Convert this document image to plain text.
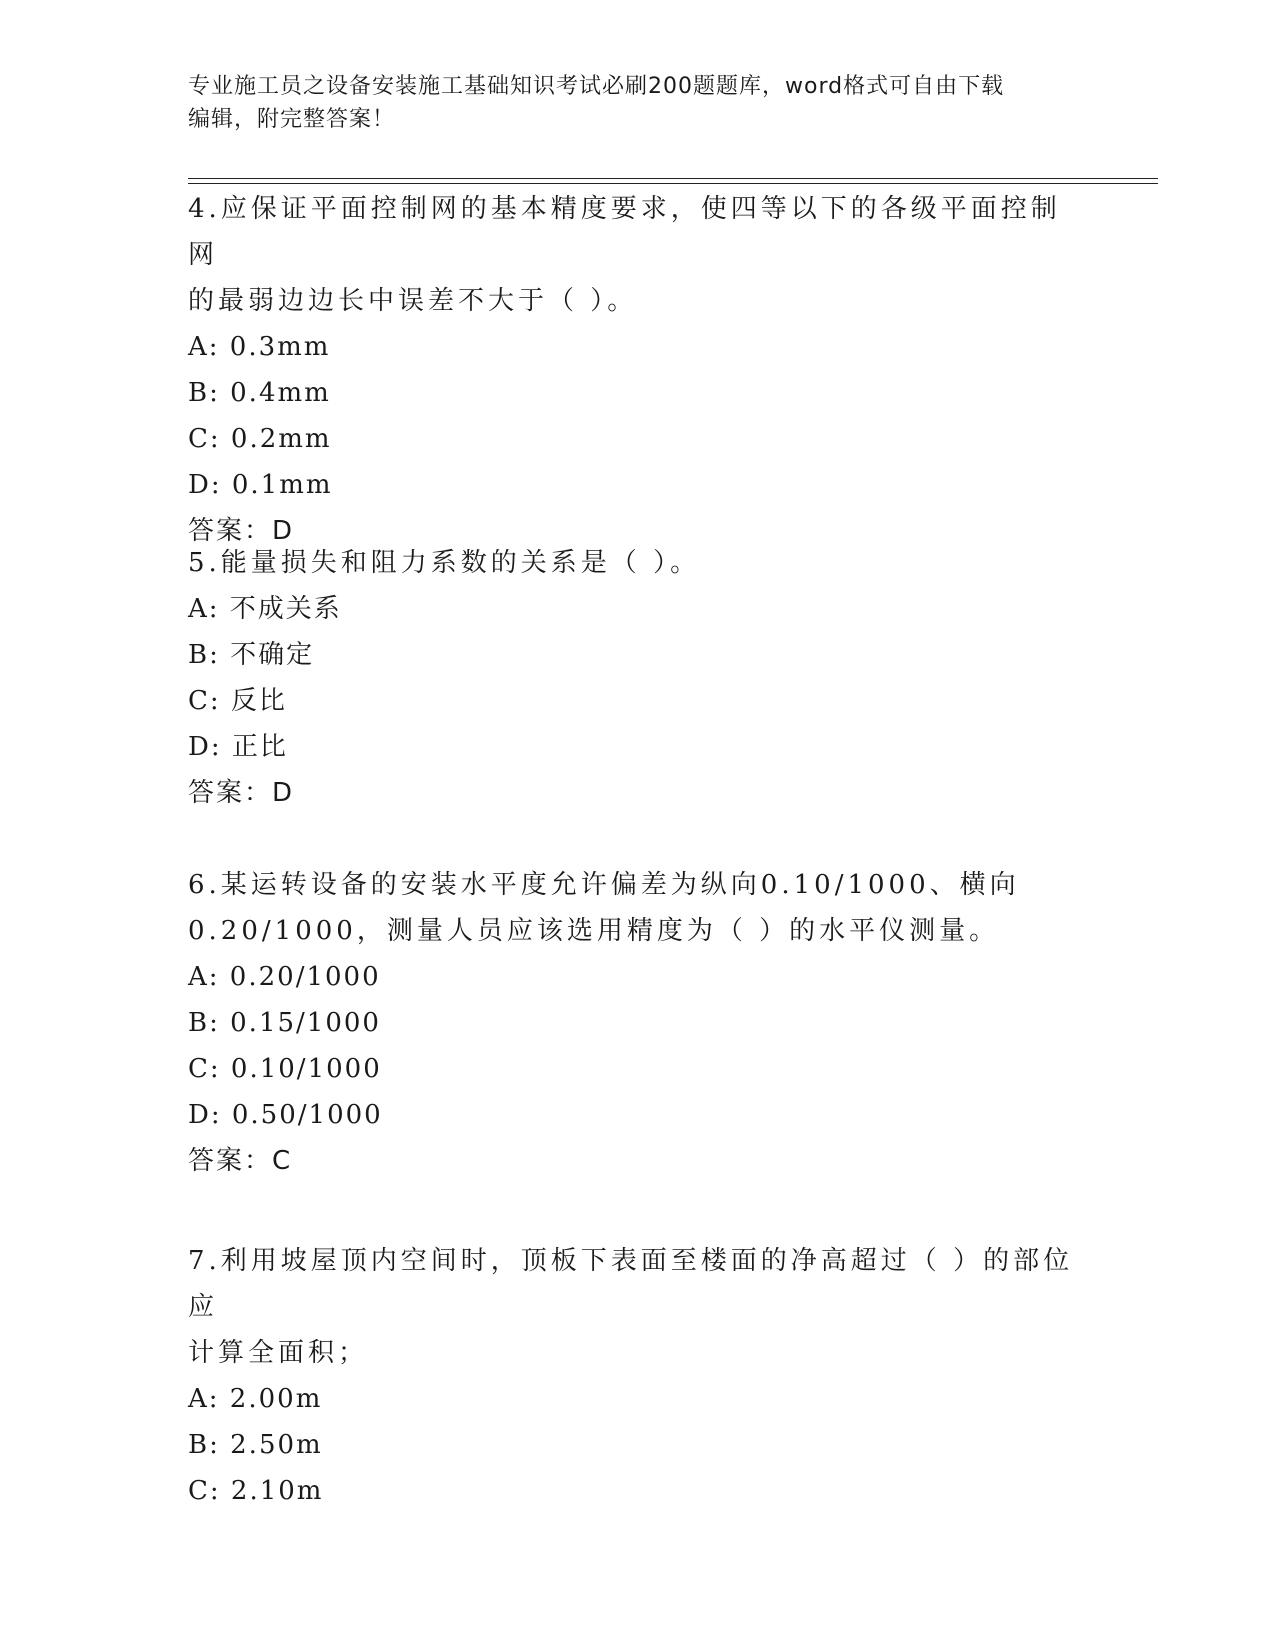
专业施工员之设备安装施工基础知识考试必刷200题题库，word格式可自由下载
编辑，附完整答案！

4.应保证平面控制网的基本精度要求，使四等以下的各级平面控制网

的最弱边边长中误差不大于（ ）。

A: 0.3mm

B: 0.4mm

C: 0.2mm

D: 0.1mm

答案：D

5.能量损失和阻力系数的关系是（ ）。

A: 不成关系

B: 不确定

C: 反比

D: 正比

答案：D

6.某运转设备的安装水平度允许偏差为纵向0.10/1000、横向

0.20/1000，测量人员应该选用精度为（ ）的水平仪测量。

A: 0.20/1000

B: 0.15/1000

C: 0.10/1000

D: 0.50/1000

答案：C

7.利用坡屋顶内空间时，顶板下表面至楼面的净高超过（ ）的部位应

计算全面积；

A: 2.00m

B: 2.50m

C: 2.10m
